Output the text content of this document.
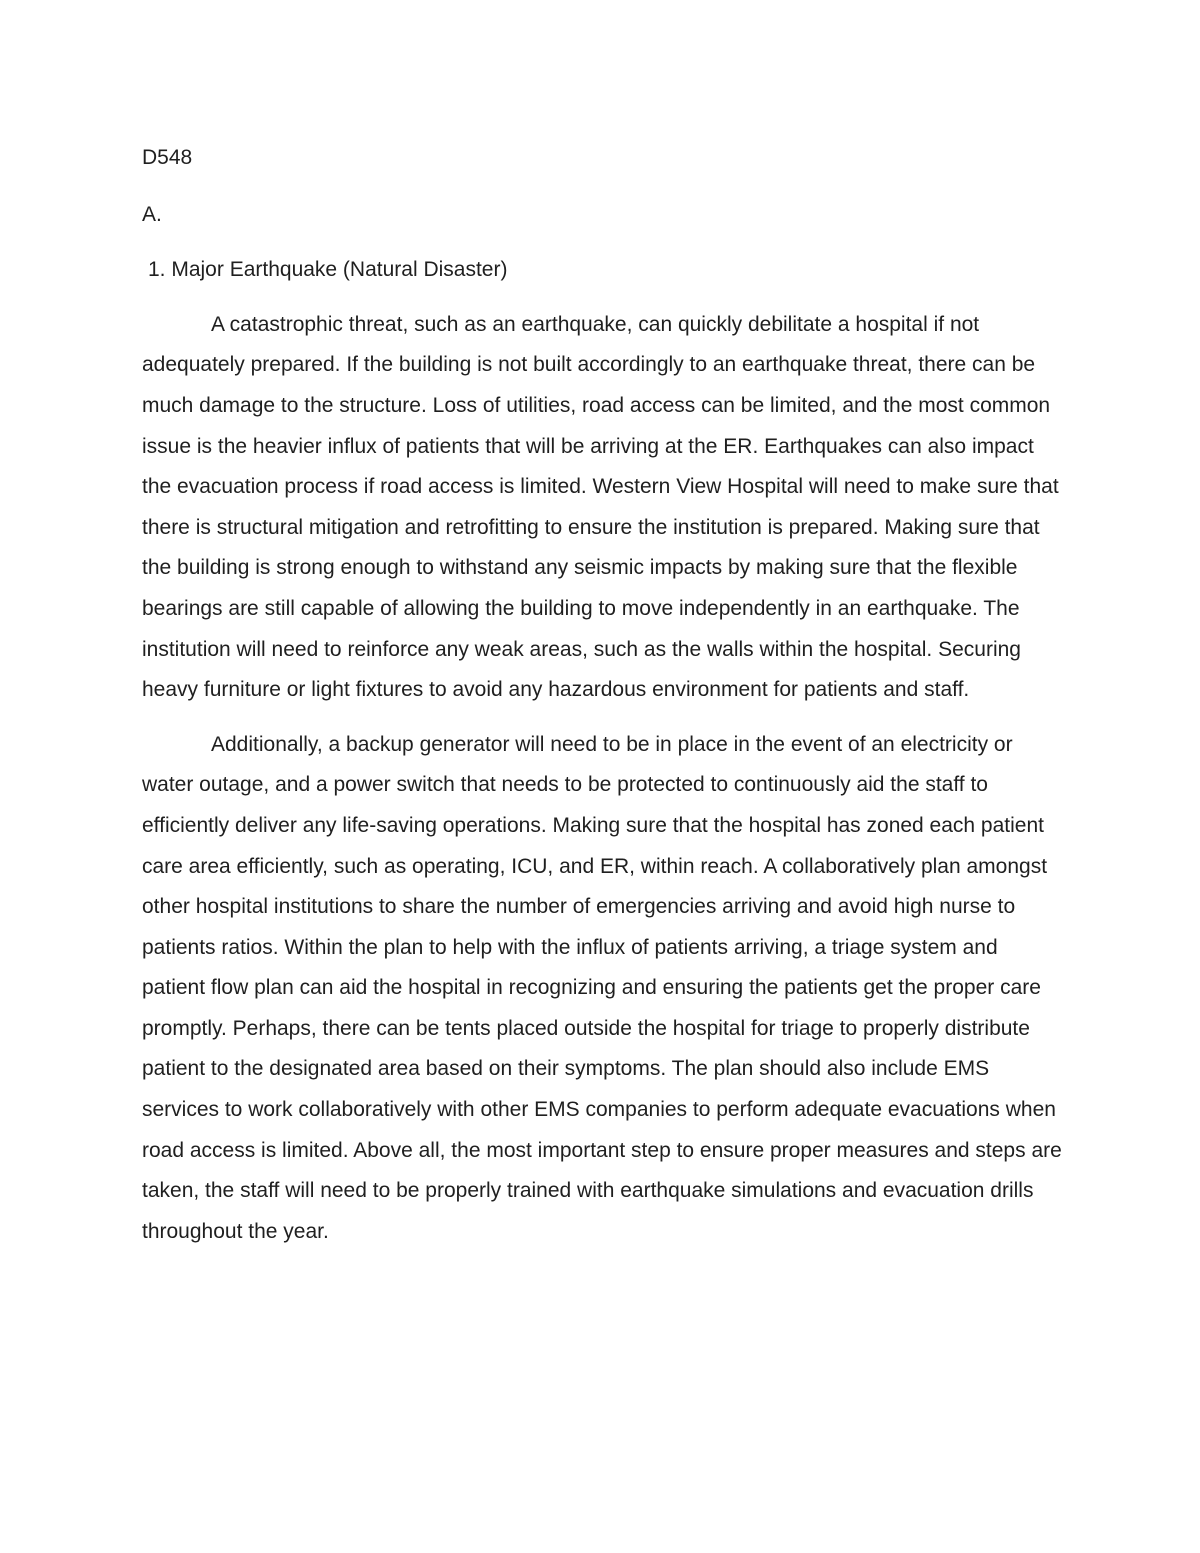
D548

A.

1. Major Earthquake (Natural Disaster)

A catastrophic threat, such as an earthquake, can quickly debilitate a hospital if not adequately prepared. If the building is not built accordingly to an earthquake threat, there can be much damage to the structure. Loss of utilities, road access can be limited, and the most common issue is the heavier influx of patients that will be arriving at the ER. Earthquakes can also impact the evacuation process if road access is limited. Western View Hospital will need to make sure that there is structural mitigation and retrofitting to ensure the institution is prepared. Making sure that the building is strong enough to withstand any seismic impacts by making sure that the flexible bearings are still capable of allowing the building to move independently in an earthquake. The institution will need to reinforce any weak areas, such as the walls within the hospital. Securing heavy furniture or light fixtures to avoid any hazardous environment for patients and staff.

Additionally, a backup generator will need to be in place in the event of an electricity or water outage, and a power switch that needs to be protected to continuously aid the staff to efficiently deliver any life-saving operations. Making sure that the hospital has zoned each patient care area efficiently, such as operating, ICU, and ER, within reach. A collaboratively plan amongst other hospital institutions to share the number of emergencies arriving and avoid high nurse to patients ratios. Within the plan to help with the influx of patients arriving, a triage system and patient flow plan can aid the hospital in recognizing and ensuring the patients get the proper care promptly. Perhaps, there can be tents placed outside the hospital for triage to properly distribute patient to the designated area based on their symptoms. The plan should also include EMS services to work collaboratively with other EMS companies to perform adequate evacuations when road access is limited. Above all, the most important step to ensure proper measures and steps are taken, the staff will need to be properly trained with earthquake simulations and evacuation drills throughout the year.
